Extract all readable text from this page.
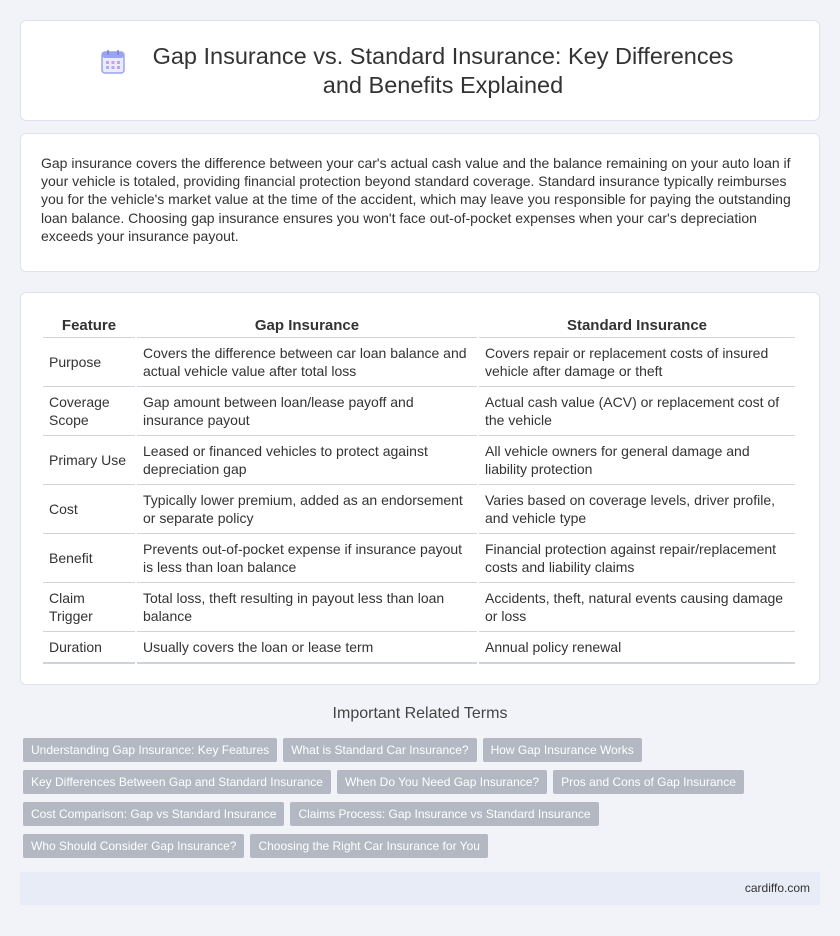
Gap Insurance vs. Standard Insurance: Key Differences and Benefits Explained

Gap insurance covers the difference between your car's actual cash value and the balance remaining on your auto loan if your vehicle is totaled, providing financial protection beyond standard coverage. Standard insurance typically reimburses you for the vehicle's market value at the time of the accident, which may leave you responsible for paying the outstanding loan balance. Choosing gap insurance ensures you won't face out-of-pocket expenses when your car's depreciation exceeds your insurance payout.

Feature	Gap Insurance	Standard Insurance
Purpose	Covers the difference between car loan balance and actual vehicle value after total loss	Covers repair or replacement costs of insured vehicle after damage or theft
Coverage Scope	Gap amount between loan/lease payoff and insurance payout	Actual cash value (ACV) or replacement cost of the vehicle
Primary Use	Leased or financed vehicles to protect against depreciation gap	All vehicle owners for general damage and liability protection
Cost	Typically lower premium, added as an endorsement or separate policy	Varies based on coverage levels, driver profile, and vehicle type
Benefit	Prevents out-of-pocket expense if insurance payout is less than loan balance	Financial protection against repair/replacement costs and liability claims
Claim Trigger	Total loss, theft resulting in payout less than loan balance	Accidents, theft, natural events causing damage or loss
Duration	Usually covers the loan or lease term	Annual policy renewal
Important Related Terms
Understanding Gap Insurance: Key Features	What is Standard Car Insurance?	How Gap Insurance Works
Key Differences Between Gap and Standard Insurance	When Do You Need Gap Insurance?	Pros and Cons of Gap Insurance
Cost Comparison: Gap vs Standard Insurance	Claims Process: Gap Insurance vs Standard Insurance
Who Should Consider Gap Insurance?	Choosing the Right Car Insurance for You
cardiffo.com
